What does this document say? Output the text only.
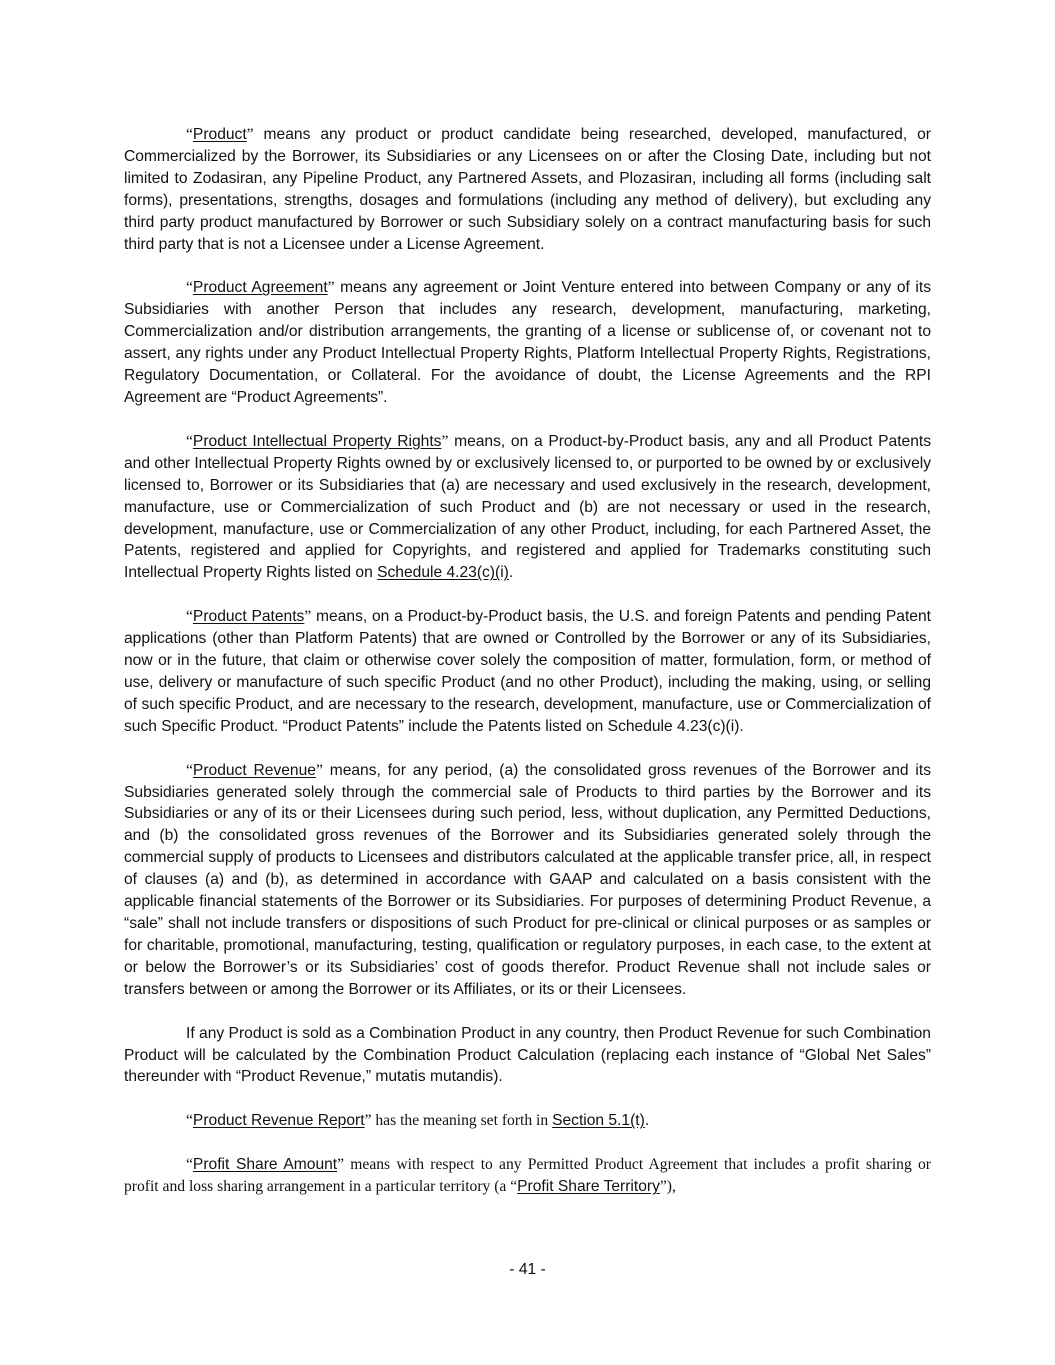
“Product” means any product or product candidate being researched, developed, manufactured, or Commercialized by the Borrower, its Subsidiaries or any Licensees on or after the Closing Date, including but not limited to Zodasiran, any Pipeline Product, any Partnered Assets, and Plozasiran, including all forms (including salt forms), presentations, strengths, dosages and formulations (including any method of delivery), but excluding any third party product manufactured by Borrower or such Subsidiary solely on a contract manufacturing basis for such third party that is not a Licensee under a License Agreement.

“Product Agreement” means any agreement or Joint Venture entered into between Company or any of its Subsidiaries with another Person that includes any research, development, manufacturing, marketing, Commercialization and/or distribution arrangements, the granting of a license or sublicense of, or covenant not to assert, any rights under any Product Intellectual Property Rights, Platform Intellectual Property Rights, Registrations, Regulatory Documentation, or Collateral. For the avoidance of doubt, the License Agreements and the RPI Agreement are “Product Agreements”.

“Product Intellectual Property Rights” means, on a Product-by-Product basis, any and all Product Patents and other Intellectual Property Rights owned by or exclusively licensed to, or purported to be owned by or exclusively licensed to, Borrower or its Subsidiaries that (a) are necessary and used exclusively in the research, development, manufacture, use or Commercialization of such Product and (b) are not necessary or used in the research, development, manufacture, use or Commercialization of any other Product, including, for each Partnered Asset, the Patents, registered and applied for Copyrights, and registered and applied for Trademarks constituting such Intellectual Property Rights listed on Schedule 4.23(c)(i).

“Product Patents” means, on a Product-by-Product basis, the U.S. and foreign Patents and pending Patent applications (other than Platform Patents) that are owned or Controlled by the Borrower or any of its Subsidiaries, now or in the future, that claim or otherwise cover solely the composition of matter, formulation, form, or method of use, delivery or manufacture of such specific Product (and no other Product), including the making, using, or selling of such specific Product, and are necessary to the research, development, manufacture, use or Commercialization of such Specific Product. “Product Patents” include the Patents listed on Schedule 4.23(c)(i).

“Product Revenue” means, for any period, (a) the consolidated gross revenues of the Borrower and its Subsidiaries generated solely through the commercial sale of Products to third parties by the Borrower and its Subsidiaries or any of its or their Licensees during such period, less, without duplication, any Permitted Deductions, and (b) the consolidated gross revenues of the Borrower and its Subsidiaries generated solely through the commercial supply of products to Licensees and distributors calculated at the applicable transfer price, all, in respect of clauses (a) and (b), as determined in accordance with GAAP and calculated on a basis consistent with the applicable financial statements of the Borrower or its Subsidiaries. For purposes of determining Product Revenue, a “sale” shall not include transfers or dispositions of such Product for pre-clinical or clinical purposes or as samples or for charitable, promotional, manufacturing, testing, qualification or regulatory purposes, in each case, to the extent at or below the Borrower’s or its Subsidiaries’ cost of goods therefor. Product Revenue shall not include sales or transfers between or among the Borrower or its Affiliates, or its or their Licensees.

If any Product is sold as a Combination Product in any country, then Product Revenue for such Combination Product will be calculated by the Combination Product Calculation (replacing each instance of “Global Net Sales” thereunder with “Product Revenue,” mutatis mutandis).

“Product Revenue Report” has the meaning set forth in Section 5.1(t).

“Profit Share Amount” means with respect to any Permitted Product Agreement that includes a profit sharing or profit and loss sharing arrangement in a particular territory (a “Profit Share Territory”),

- 41 -
